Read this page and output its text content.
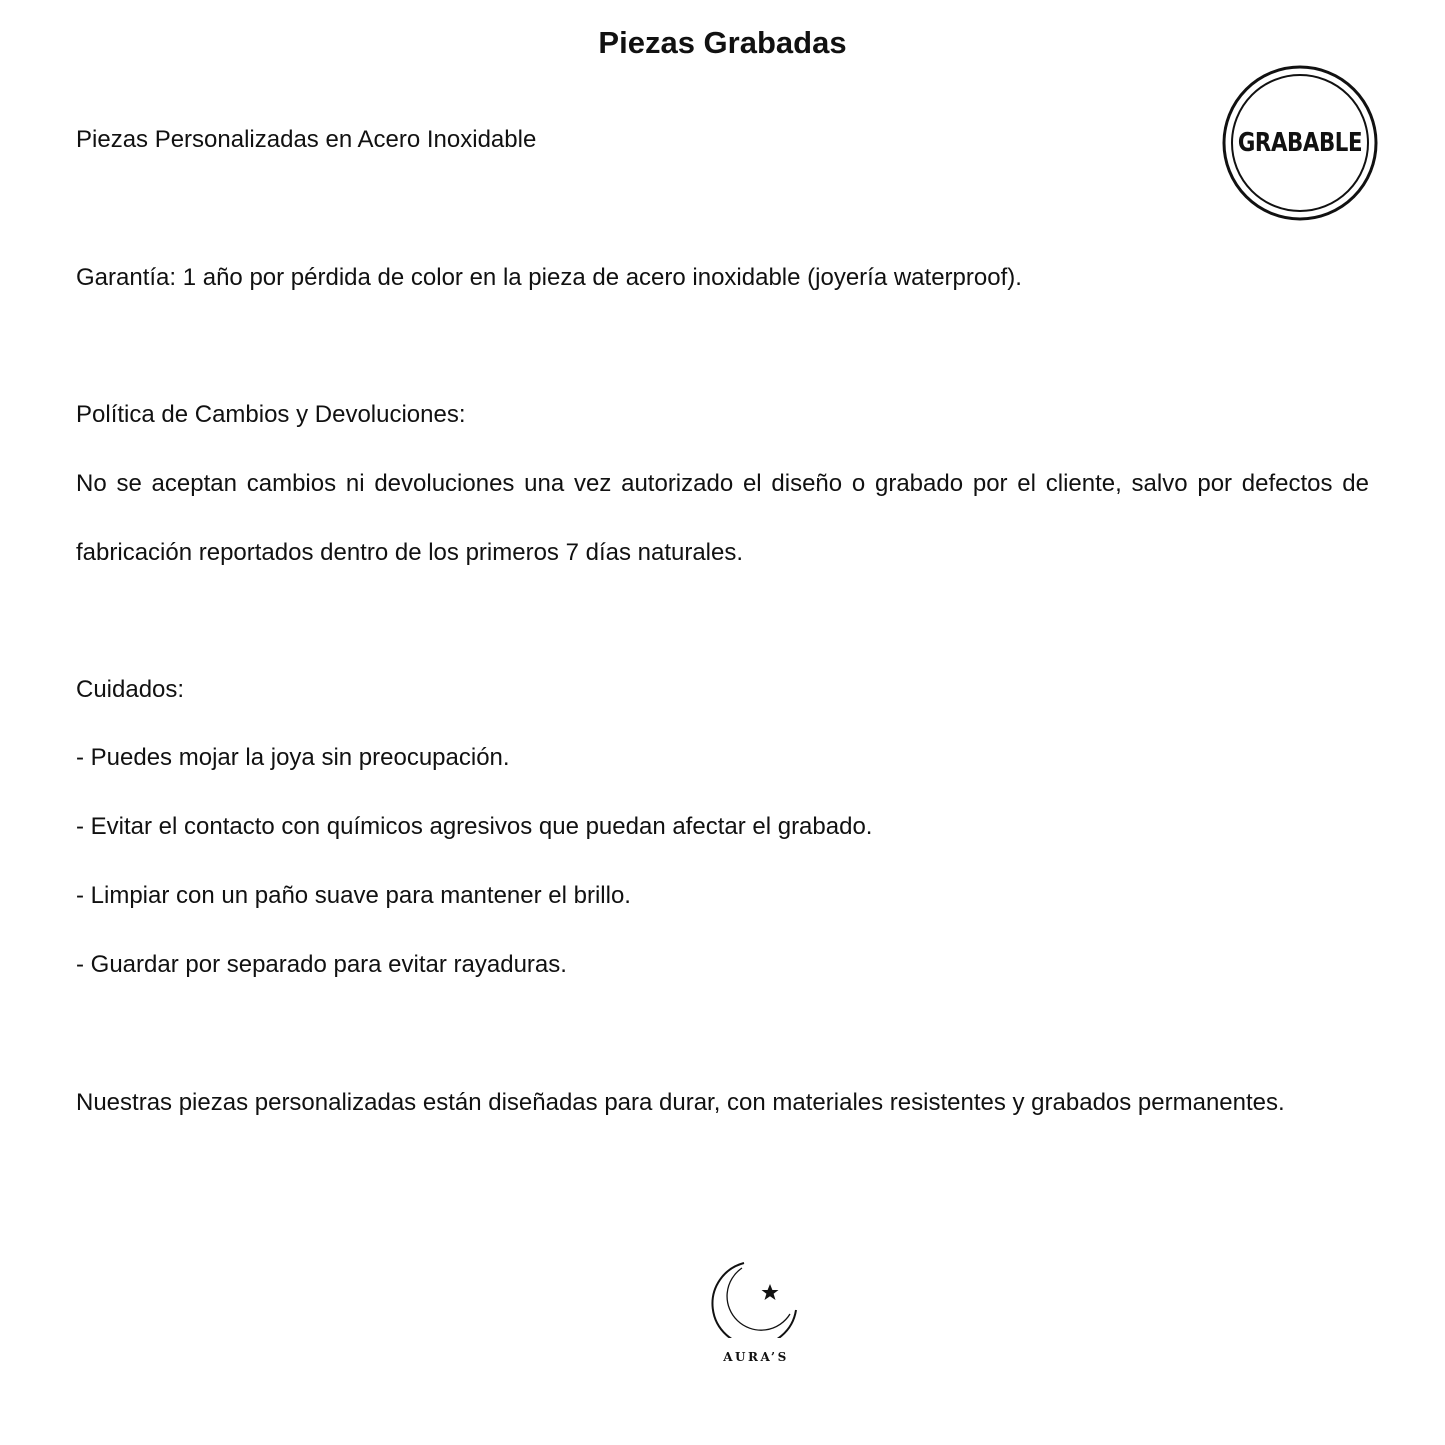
Piezas Grabadas

Piezas Personalizadas en Acero Inoxidable	GRABABLE

Garantía: 1 año por pérdida de color en la pieza de acero inoxidable (joyería waterproof).

Política de Cambios y Devoluciones:

No se aceptan cambios ni devoluciones una vez autorizado el diseño o grabado por el cliente, salvo por defectos de fabricación reportados dentro de los primeros 7 días naturales.

Cuidados:

- Puedes mojar la joya sin preocupación.

- Evitar el contacto con químicos agresivos que puedan afectar el grabado.

- Limpiar con un paño suave para mantener el brillo.

- Guardar por separado para evitar rayaduras.

Nuestras piezas personalizadas están diseñadas para durar, con materiales resistentes y grabados permanentes.

AURA’S
